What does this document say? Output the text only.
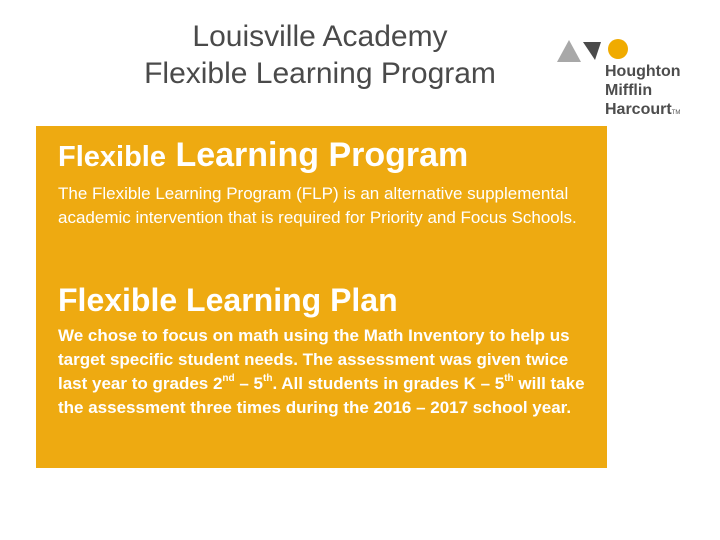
Louisville Academy
Flexible Learning Program	Houghton
Mifflin
HarcourtTM
Flexible Learning Program
The Flexible Learning Program (FLP) is an alternative supplemental academic intervention that is required for Priority and Focus Schools.
Flexible Learning Plan
We chose to focus on math using the Math Inventory to help us target specific student needs. The assessment was given twice last year to grades 2nd – 5th. All students in grades K – 5th will take the assessment three times during the 2016 – 2017 school year.
